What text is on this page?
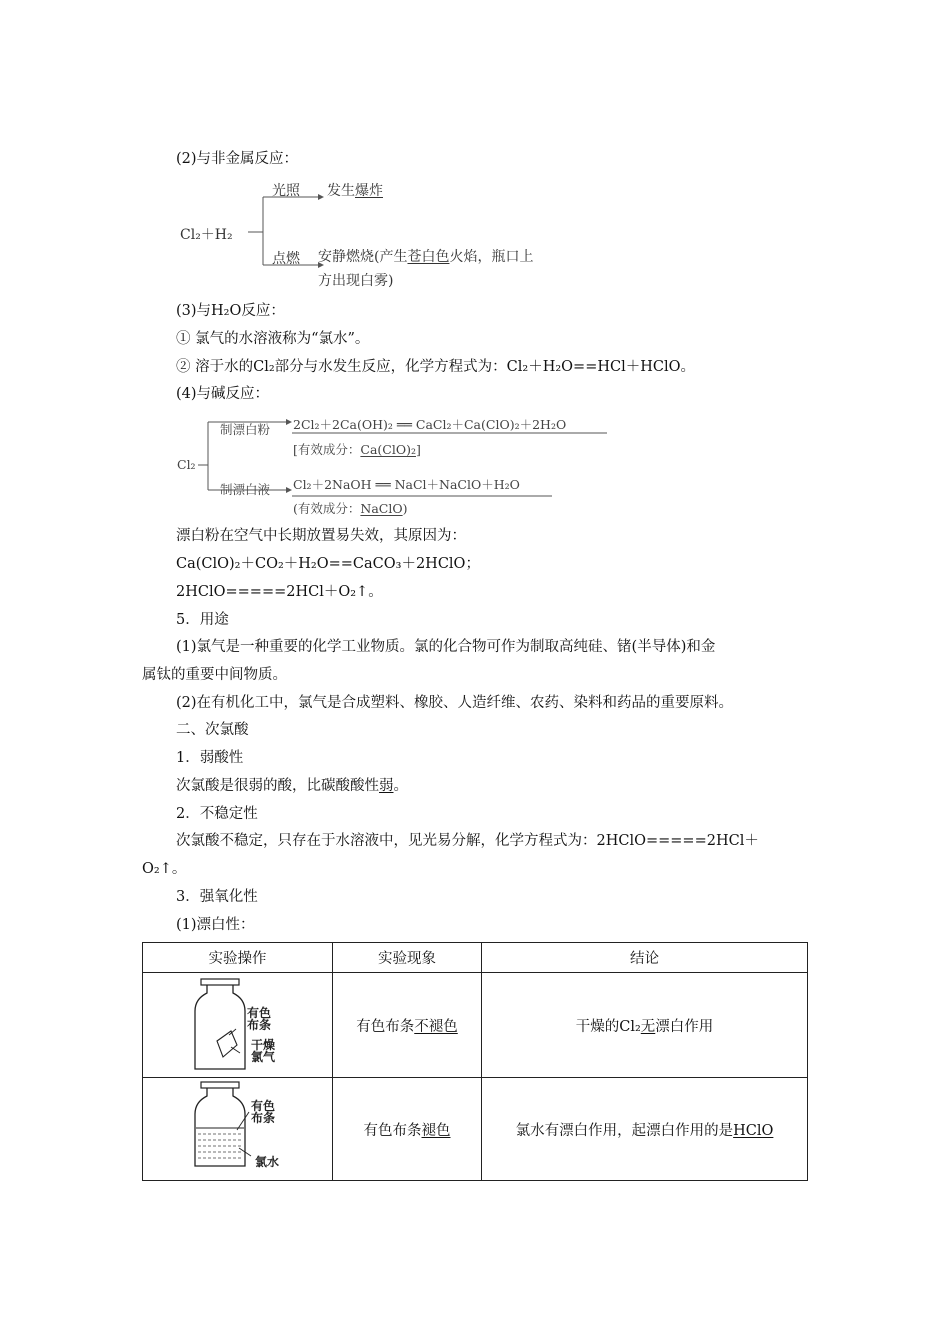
(2)与非金属反应：
Cl₂＋H₂
光照 发生爆炸
点燃 安静燃烧(产生苍白色火焰，瓶口上
方出现白雾)
(3)与H₂O反应：
① 氯气的水溶液称为“氯水”。
② 溶于水的Cl₂部分与水发生反应，化学方程式为：Cl₂＋H₂O==HCl＋HClO。
(4)与碱反应：
Cl₂
制漂白粉 2Cl₂＋2Ca(OH)₂ ══ CaCl₂＋Ca(ClO)₂＋2H₂O
[有效成分：Ca(ClO)₂]
制漂白液 Cl₂＋2NaOH ══ NaCl＋NaClO＋H₂O
(有效成分：NaClO)
漂白粉在空气中长期放置易失效，其原因为：
Ca(ClO)₂＋CO₂＋H₂O==CaCO₃＋2HClO；
2HClO=====2HCl＋O₂↑。
5．用途
(1)氯气是一种重要的化学工业物质。氯的化合物可作为制取高纯硅、锗(半导体)和金
属钛的重要中间物质。
(2)在有机化工中，氯气是合成塑料、橡胶、人造纤维、农药、染料和药品的重要原料。
二、次氯酸
1．弱酸性
次氯酸是很弱的酸，比碳酸酸性弱。
2．不稳定性
次氯酸不稳定，只存在于水溶液中，见光易分解，化学方程式为：2HClO=====2HCl＋
O₂↑。
3．强氧化性
(1)漂白性：
实验操作	实验现象	结论

有色
布条
干燥
氯气	有色布条不褪色	干燥的Cl₂无漂白作用

有色
布条
氯水	有色布条褪色	氯水有漂白作用，起漂白作用的是HClO
